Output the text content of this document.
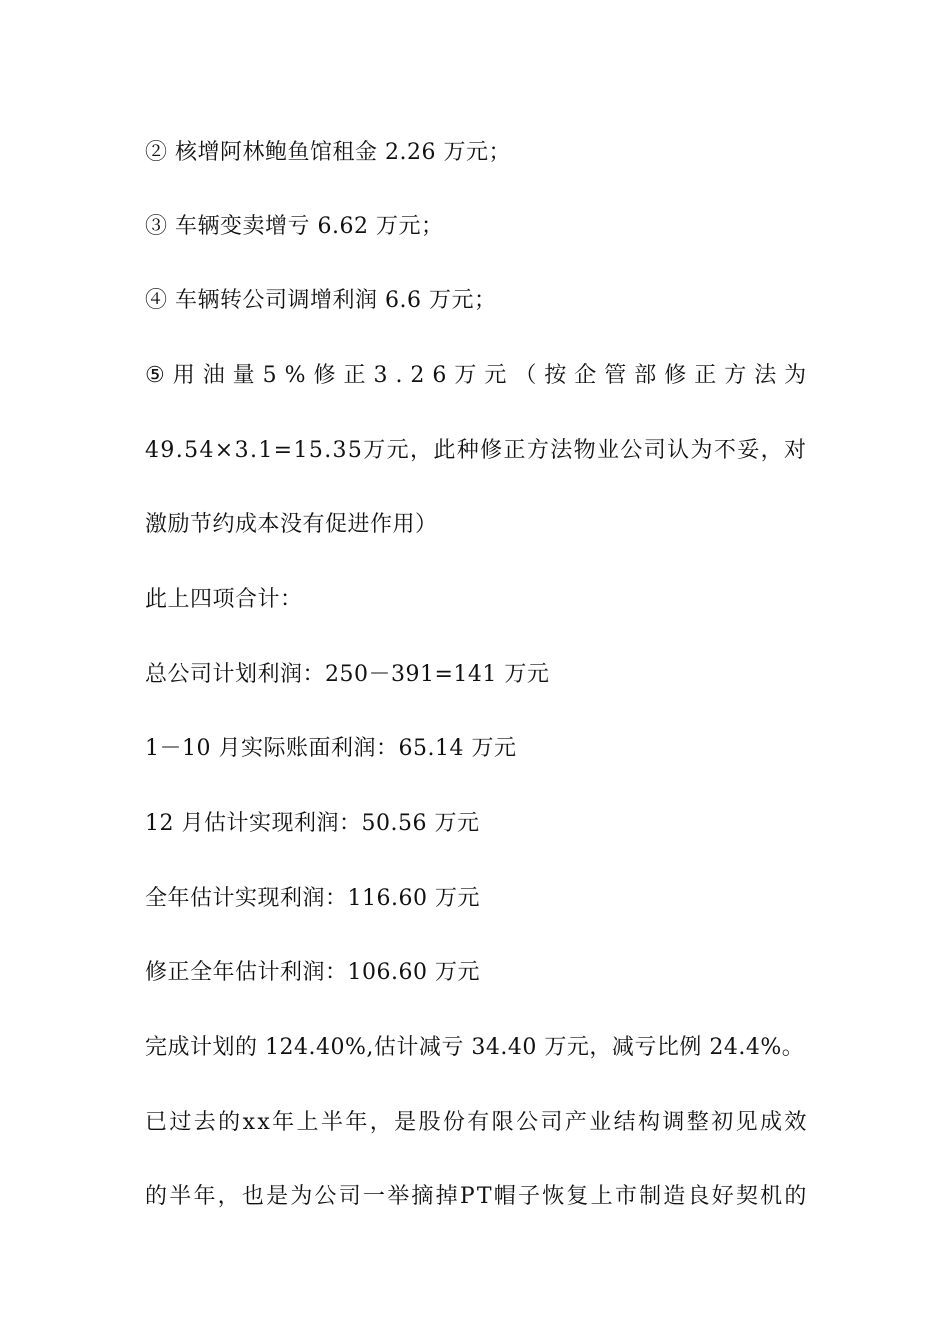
② 核增阿林鲍鱼馆租金 2.26 万元；
③ 车辆变卖增亏 6.62 万元；
④ 车辆转公司调增利润 6.6 万元；
⑤ 用 油 量 5 % 修 正 3 . 2 6 万 元 （ 按 企 管 部 修 正 方 法 为
4 9 . 5 4 × 3 . 1 = 1 5 . 3 5 万 元 ， 此 种 修 正 方 法 物 业 公 司 认 为 不 妥 ， 对
激励节约成本没有促进作用）
此上四项合计：
总公司计划利润：250－391=141 万元
1－10 月实际账面利润：65.14 万元
12 月估计实现利润：50.56 万元
全年估计实现利润：116.60 万元
修正全年估计利润：106.60 万元
完成计划的 124.40%,估计减亏 34.40 万元，减亏比例 24.4%。
已 过 去 的 x x 年 上 半 年 ， 是 股 份 有 限 公 司 产 业 结 构 调 整 初 见 成 效
的 半 年 ， 也 是 为 公 司 一 举 摘 掉 P T 帽 子 恢 复 上 市 制 造 良 好 契 机 的
